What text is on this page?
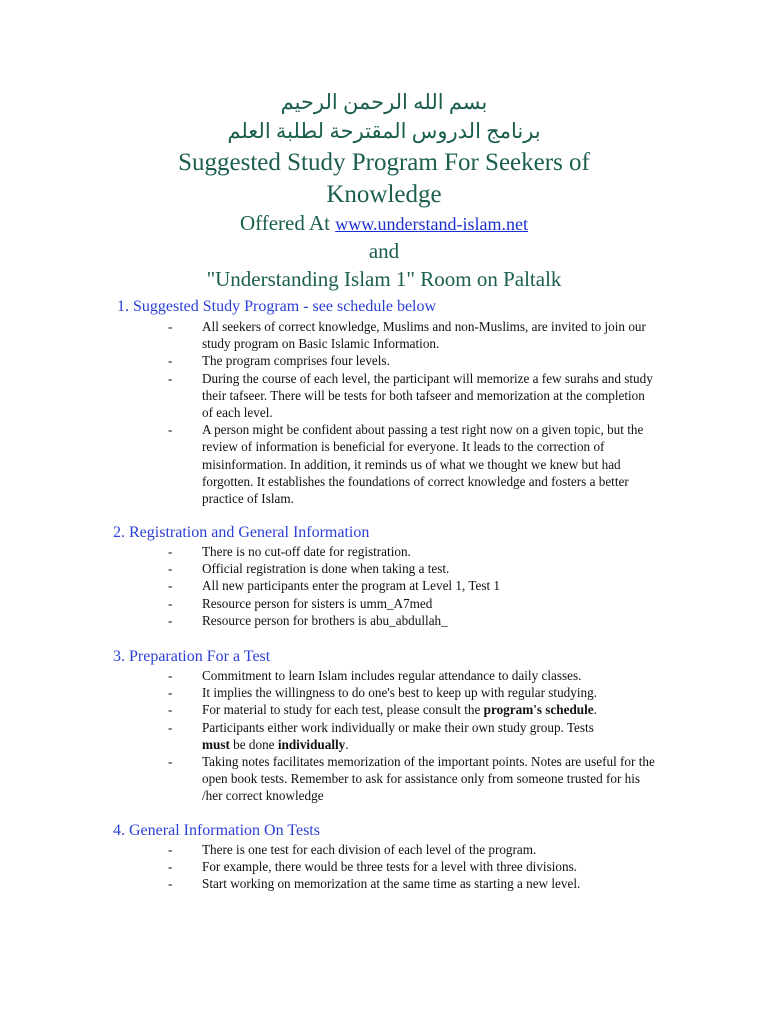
بسم الله الرحمن الرحيم
برنامج الدروس المقترحة لطلبة العلم
Suggested Study Program For Seekers of
Knowledge
Offered At www.understand-islam.net
and
"Understanding Islam 1" Room on Paltalk
1. Suggested Study Program - see schedule below
- All seekers of correct knowledge, Muslims and non-Muslims, are invited to join our study program on Basic Islamic Information.
- The program comprises four levels.
- During the course of each level, the participant will memorize a few surahs and study their tafseer. There will be tests for both tafseer and memorization at the completion of each level.
- A person might be confident about passing a test right now on a given topic, but the review of information is beneficial for everyone. It leads to the correction of misinformation. In addition, it reminds us of what we thought we knew but had forgotten. It establishes the foundations of correct knowledge and fosters a better practice of Islam.
2. Registration and General Information
- There is no cut-off date for registration.
- Official registration is done when taking a test.
- All new participants enter the program at Level 1, Test 1
- Resource person for sisters is umm_A7med
- Resource person for brothers is abu_abdullah_
3. Preparation For a Test
- Commitment to learn Islam includes regular attendance to daily classes.
- It implies the willingness to do one's best to keep up with regular studying.
- For material to study for each test, please consult the program's schedule.
- Participants either work individually or make their own study group. Tests
must be done individually.
- Taking notes facilitates memorization of the important points. Notes are useful for the open book tests. Remember to ask for assistance only from someone trusted for his /her correct knowledge
4. General Information On Tests
- There is one test for each division of each level of the program.
- For example, there would be three tests for a level with three divisions.
- Start working on memorization at the same time as starting a new level.
